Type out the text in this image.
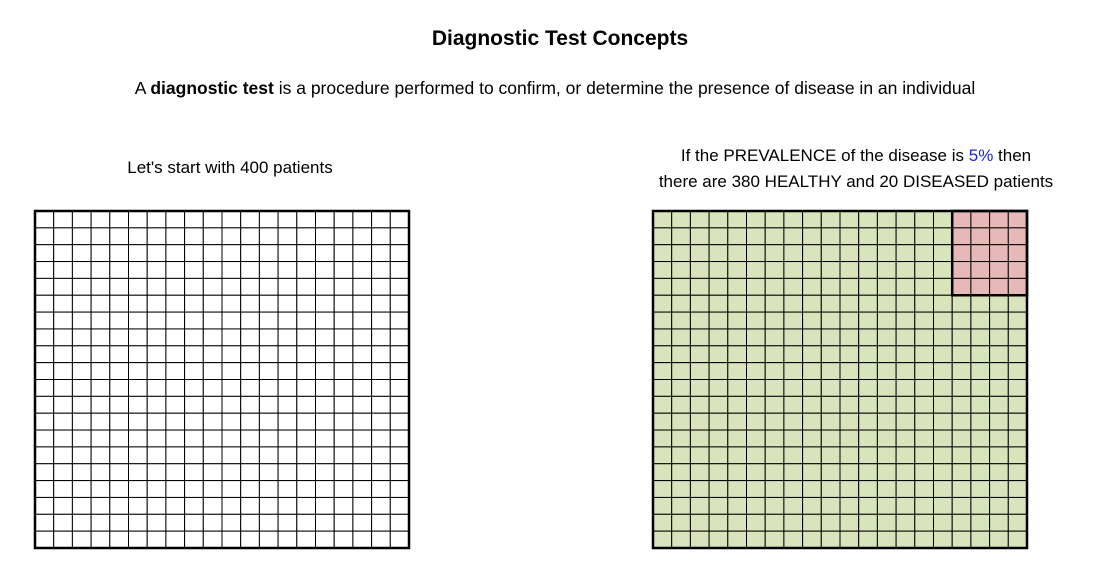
Diagnostic Test Concepts

A diagnostic test is a procedure performed to confirm, or determine the presence of disease in an individual

Let's start with 400 patients

If the PREVALENCE of the disease is 5% then
there are 380 HEALTHY and 20 DISEASED patients
